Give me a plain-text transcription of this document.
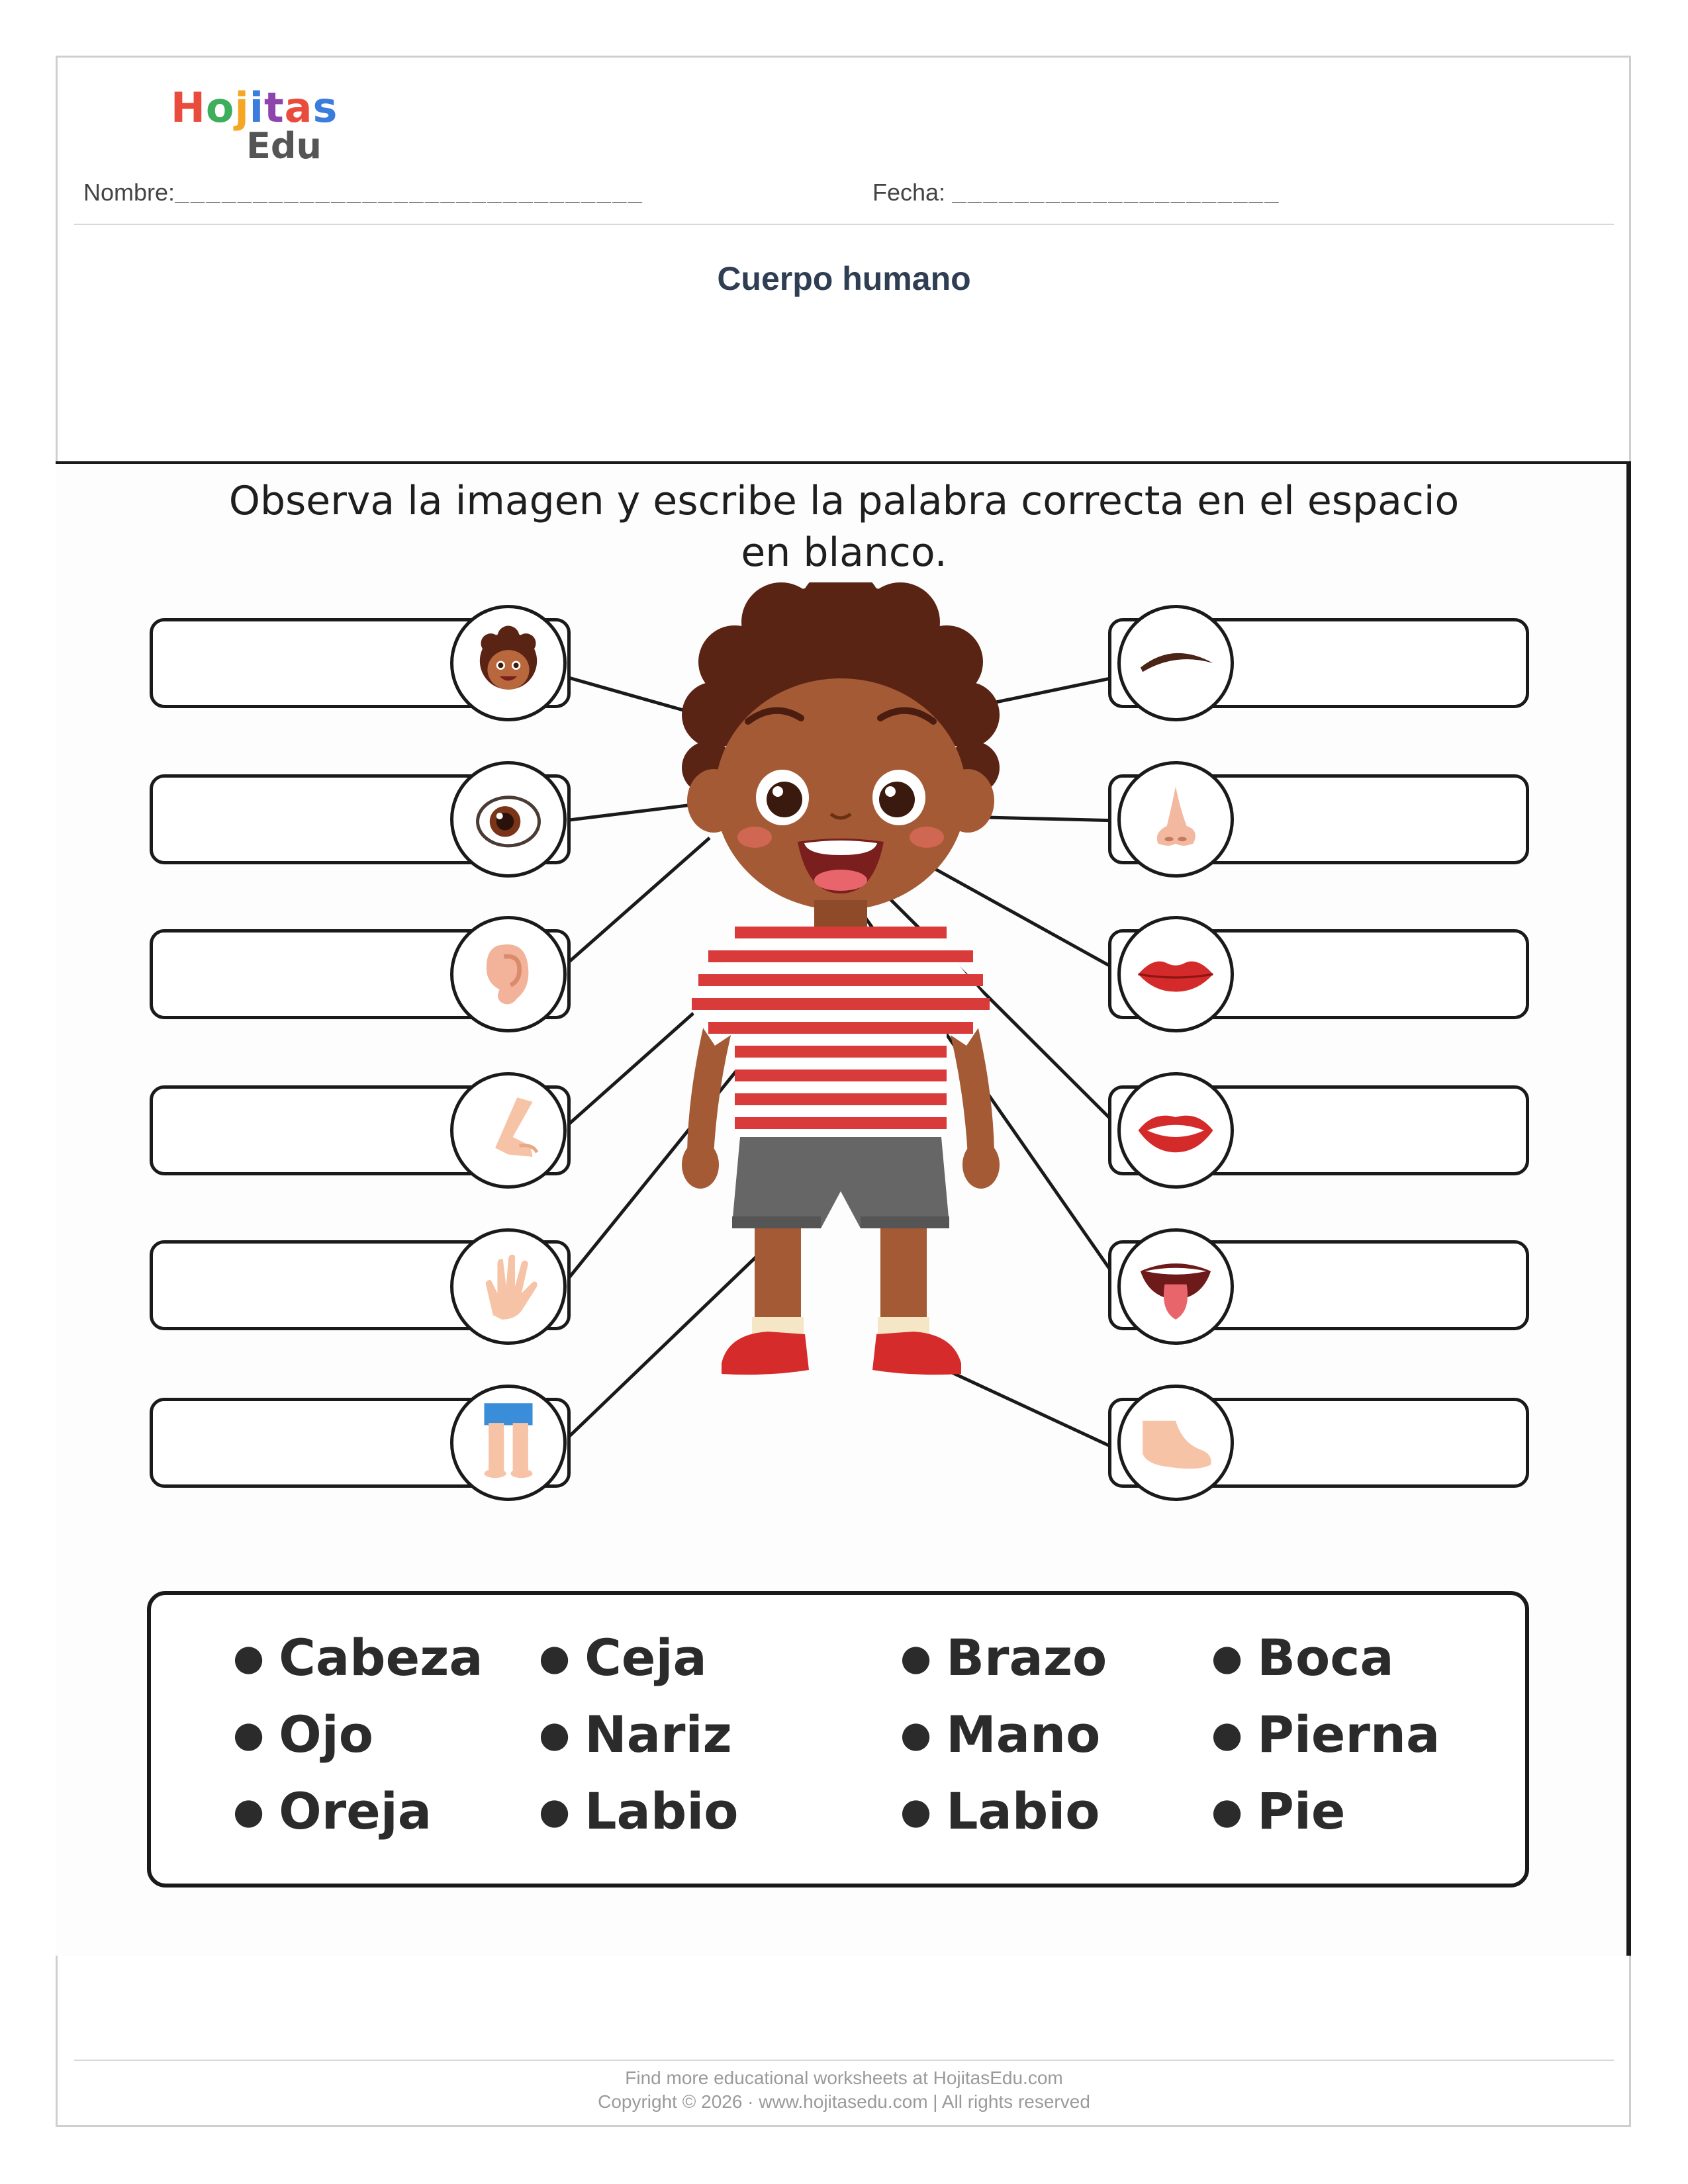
Hojitas
Edu
Nombre:______________________________	Fecha: _____________________
Cuerpo humano
Observa la imagen y escribe la palabra correcta en el espacio en blanco.
● Cabeza
● Ojo
● Oreja
● Ceja
● Nariz
● Labio
● Brazo
● Mano
● Labio
● Boca
● Pierna
● Pie
Find more educational worksheets at HojitasEdu.com
Copyright © 2026 · www.hojitasedu.com | All rights reserved
